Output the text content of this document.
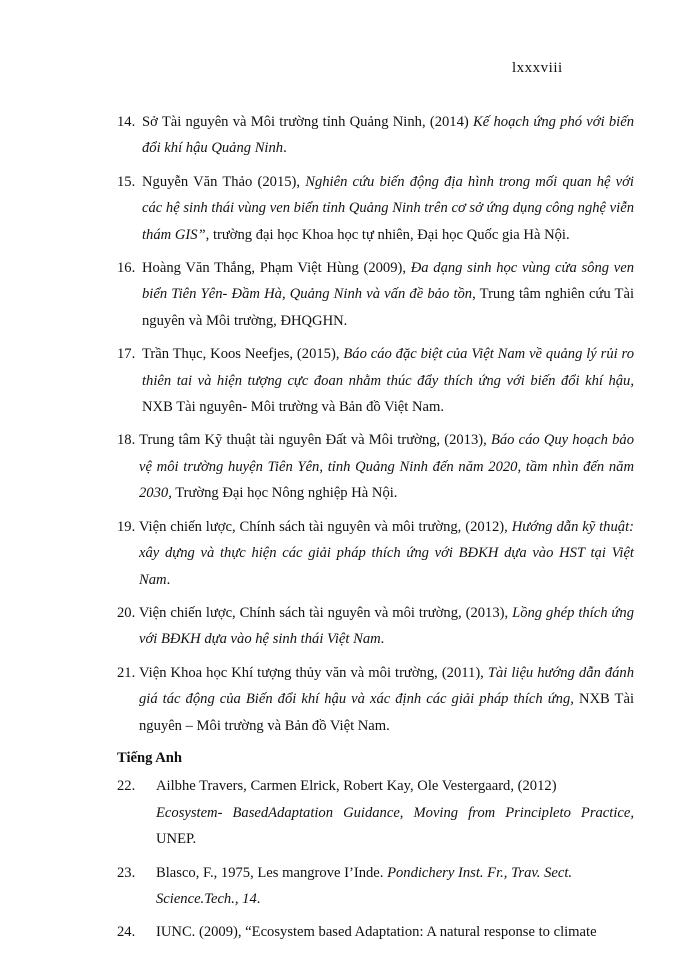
lxxxviii
14. Sở Tài nguyên và Môi trường tỉnh Quảng Ninh, (2014) Kế hoạch ứng phó với biến đổi khí hậu Quảng Ninh.
15. Nguyễn Văn Thảo (2015), Nghiên cứu biến động địa hình trong mối quan hệ với các hệ sinh thái vùng ven biển tỉnh Quảng Ninh trên cơ sở ứng dụng công nghệ viễn thám GIS”, trường đại học Khoa học tự nhiên, Đại học Quốc gia Hà Nội.
16. Hoàng Văn Thắng, Phạm Việt Hùng (2009), Đa dạng sinh học vùng cửa sông ven biển Tiên Yên- Đầm Hà, Quảng Ninh và vấn đề bảo tồn, Trung tâm nghiên cứu Tài nguyên và Môi trường, ĐHQGHN.
17. Trần Thục, Koos Neefjes, (2015), Báo cáo đặc biệt của Việt Nam về quảng lý rủi ro thiên tai và hiện tượng cực đoan nhằm thúc đẩy thích ứng với biến đổi khí hậu, NXB Tài nguyên- Môi trường và Bản đồ Việt Nam.
18. Trung tâm Kỹ thuật tài nguyên Đất và Môi trường, (2013), Báo cáo Quy hoạch bảo vệ môi trường huyện Tiên Yên, tỉnh Quảng Ninh đến năm 2020, tầm nhìn đến năm 2030, Trường Đại học Nông nghiệp Hà Nội.
19. Viện chiến lược, Chính sách tài nguyên và môi trường, (2012), Hướng dẫn kỹ thuật: xây dựng và thực hiện các giải pháp thích ứng với BĐKH dựa vào HST tại Việt Nam.
20. Viện chiến lược, Chính sách tài nguyên và môi trường, (2013), Lồng ghép thích ứng với BĐKH dựa vào hệ sinh thái Việt Nam.
21. Viện Khoa học Khí tượng thủy văn và môi trường, (2011), Tài liệu hướng dẫn đánh giá tác động của Biến đổi khí hậu và xác định các giải pháp thích ứng, NXB Tài nguyên – Môi trường và Bản đồ Việt Nam.
Tiếng Anh
22. Ailbhe Travers, Carmen Elrick, Robert Kay, Ole Vestergaard, (2012)
Ecosystem- BasedAdaptation Guidance, Moving from Principleto Practice, UNEP.
23. Blasco, F., 1975, Les mangrove I’Inde. Pondichery Inst. Fr., Trav. Sect.
Science.Tech., 14.
24. IUNC. (2009), “Ecosystem based Adaptation: A natural response to climate
